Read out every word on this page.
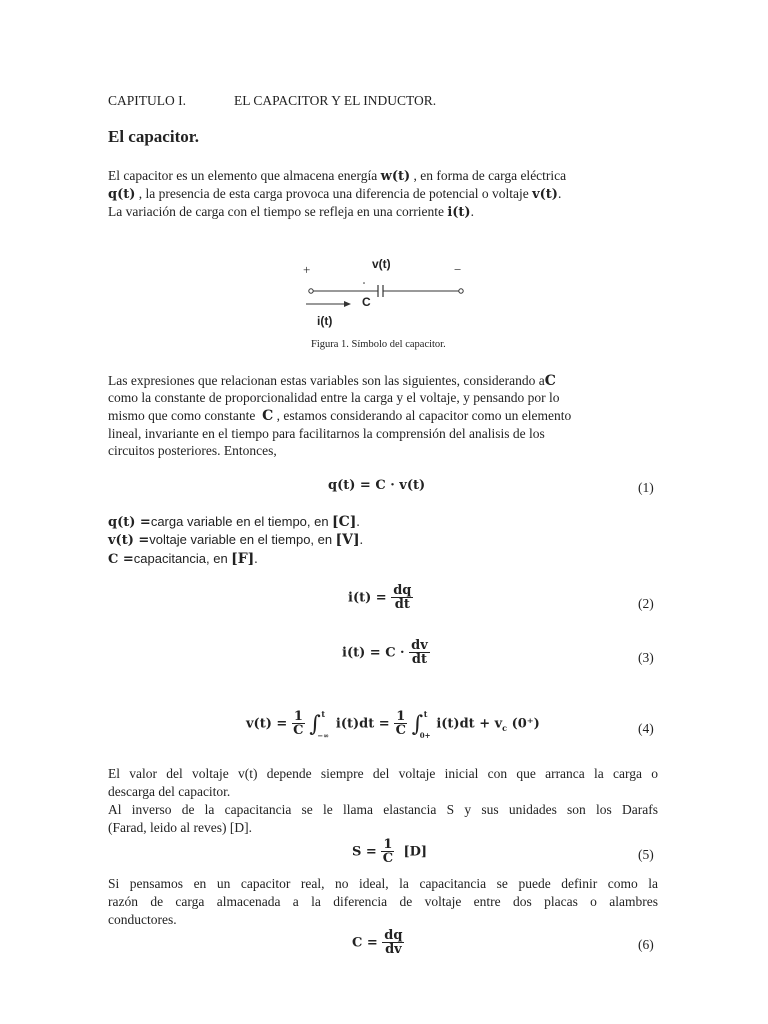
CAPITULO I.	EL CAPACITOR Y EL INDUCTOR.
El capacitor.
El capacitor es un elemento que almacena energía w(t) , en forma de carga eléctrica
q(t) , la presencia de esta carga provoca una diferencia de potencial o voltaje v(t).
La variación de carga con el tiempo se refleja en una corriente i(t).
+	−
v(t)
C
i(t)
Figura 1. Símbolo del capacitor.
Las expresiones que relacionan estas variables son las siguientes, considerando aC
como la constante de proporcionalidad entre la carga y el voltaje, y pensando por lo
mismo que como constante C , estamos considerando al capacitor como un elemento
lineal, invariante en el tiempo para facilitarnos la comprensión del analisis de los
circuitos posteriores. Entonces,
q(t) = C · v(t)	(1)
q(t) =carga variable en el tiempo, en [C].
v(t) =voltaje variable en el tiempo, en [V].
C =capacitancia, en [F].
$i(t) = \frac{dq}{dt}$	(2)
$i(t) = C \cdot \frac{dv}{dt}$	(3)
$v(t) = \frac{1}{C}$ ∫ t
−∞
$i(t)dt = \frac{1}{C}$ ∫ t
0+
$i(t)dt + v_c$ (0⁺)	(4)
El valor del voltaje v(t) depende siempre del voltaje inicial con que arranca la carga o
descarga del capacitor.
Al inverso de la capacitancia se le llama elastancia S y sus unidades son los Darafs
(Farad, leido al reves) [D].
$S = \frac{1}{C} [D]$	(5)
Si pensamos en un capacitor real, no ideal, la capacitancia se puede definir como la
razón de carga almacenada a la diferencia de voltaje entre dos placas o alambres
conductores.
$C = \frac{dq}{dv}$	(6)
